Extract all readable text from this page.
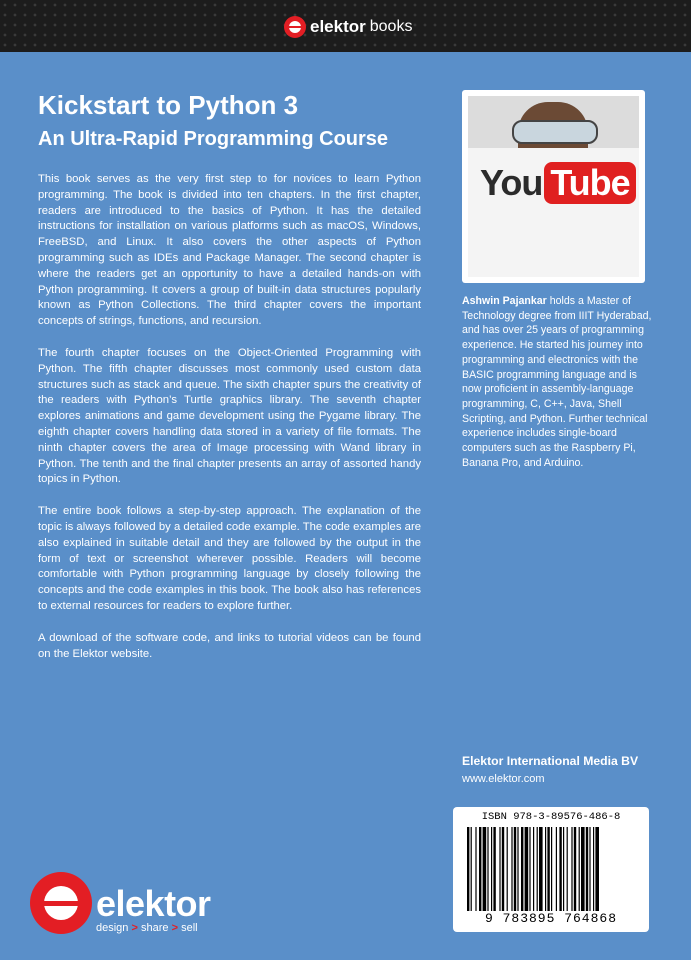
elektor books
Kickstart to Python 3
An Ultra-Rapid Programming Course

This book serves as the very first step to for novices to learn Python programming. The book is divided into ten chapters. In the first chapter, readers are introduced to the basics of Python. It has the detailed instructions for installation on various platforms such as macOS, Windows, FreeBSD, and Linux. It also covers the other aspects of Python programming such as IDEs and Package Manager. The second chapter is where the readers get an opportunity to have a detailed hands-on with Python programming. It covers a group of built-in data structures popularly known as Python Collections. The third chapter covers the important concepts of strings, functions, and recursion.

The fourth chapter focuses on the Object-Oriented Programming with Python. The fifth chapter discusses most commonly used custom data structures such as stack and queue. The sixth chapter spurs the creativity of the readers with Python’s Turtle graphics library. The seventh chapter explores animations and game development using the Pygame library. The eighth chapter covers handling data stored in a variety of file formats. The ninth chapter covers the area of Image processing with Wand library in Python. The tenth and the final chapter presents an array of assorted handy topics in Python.

The entire book follows a step-by-step approach. The explanation of the topic is always followed by a detailed code example. The code examples are also explained in suitable detail and they are followed by the output in the form of text or screenshot wherever possible. Readers will become comfortable with Python programming language by closely following the concepts and the code examples in this book. The book also has references to external resources for readers to explore further.

A download of the software code, and links to tutorial videos can be found on the Elektor website.

You Tube
Ashwin Pajankar holds a Master of Technology degree from IIIT Hyderabad, and has over 25 years of programming experience. He started his journey into programming and electronics with the BASIC programming language and is now proficient in assembly-language programming, C, C++, Java, Shell Scripting, and Python. Further technical experience includes single-board computers such as the Raspberry Pi, Banana Pro, and Arduino.
Elektor International Media BV
www.elektor.com
ISBN 978-3-89576-486-8
9 783895 764868
elektor
design > share > sell
